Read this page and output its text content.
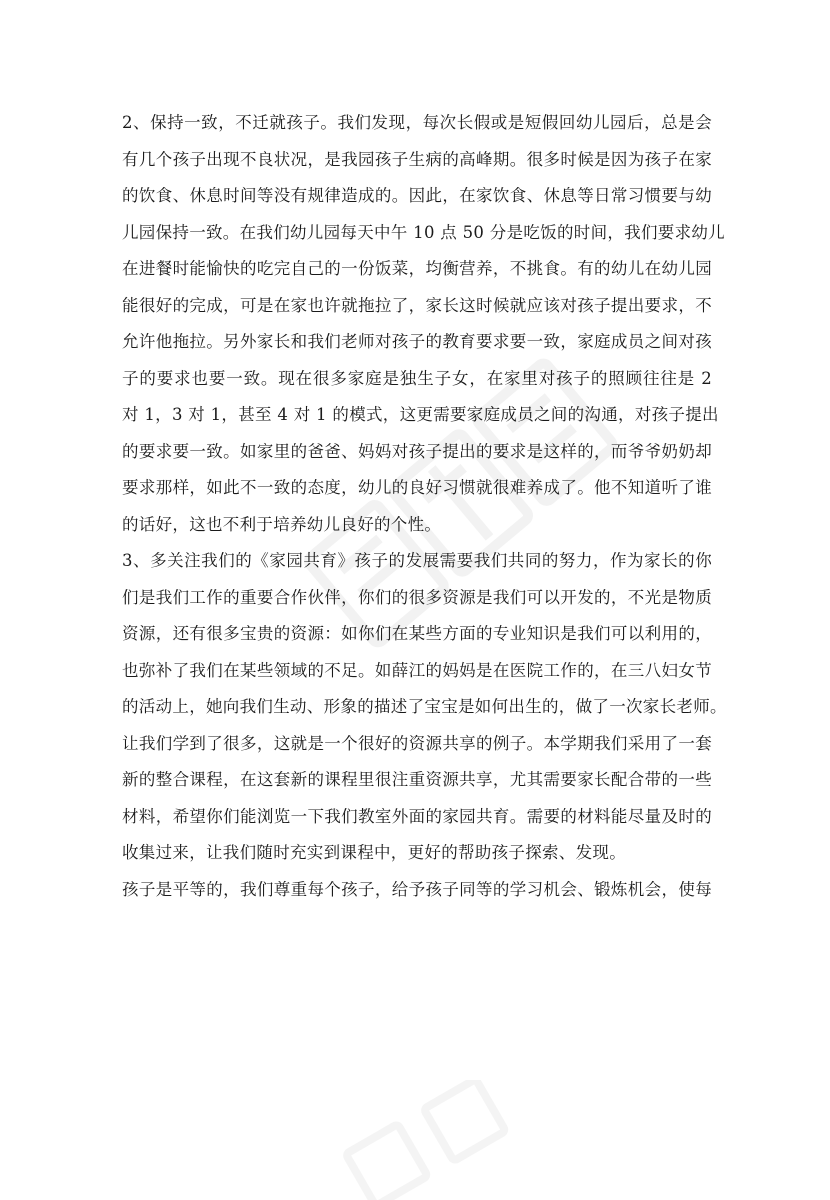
2、保持一致，不迁就孩子。我们发现，每次长假或是短假回幼儿园后，总是会
有几个孩子出现不良状况，是我园孩子生病的高峰期。很多时候是因为孩子在家
的饮食、休息时间等没有规律造成的。因此，在家饮食、休息等日常习惯要与幼
儿园保持一致。在我们幼儿园每天中午 10 点 50 分是吃饭的时间，我们要求幼儿
在进餐时能愉快的吃完自己的一份饭菜，均衡营养，不挑食。有的幼儿在幼儿园
能很好的完成，可是在家也许就拖拉了，家长这时候就应该对孩子提出要求，不
允许他拖拉。另外家长和我们老师对孩子的教育要求要一致，家庭成员之间对孩
子的要求也要一致。现在很多家庭是独生子女，在家里对孩子的照顾往往是 2
对 1，3 对 1，甚至 4 对 1 的模式，这更需要家庭成员之间的沟通，对孩子提出
的要求要一致。如家里的爸爸、妈妈对孩子提出的要求是这样的，而爷爷奶奶却
要求那样，如此不一致的态度，幼儿的良好习惯就很难养成了。他不知道听了谁
的话好，这也不利于培养幼儿良好的个性。
3、多关注我们的《家园共育》孩子的发展需要我们共同的努力，作为家长的你
们是我们工作的重要合作伙伴，你们的很多资源是我们可以开发的，不光是物质
资源，还有很多宝贵的资源：如你们在某些方面的专业知识是我们可以利用的，
也弥补了我们在某些领域的不足。如薛江的妈妈是在医院工作的，在三八妇女节
的活动上，她向我们生动、形象的描述了宝宝是如何出生的，做了一次家长老师。
让我们学到了很多，这就是一个很好的资源共享的例子。本学期我们采用了一套
新的整合课程，在这套新的课程里很注重资源共享，尤其需要家长配合带的一些
材料，希望你们能浏览一下我们教室外面的家园共育。需要的材料能尽量及时的
收集过来，让我们随时充实到课程中，更好的帮助孩子探索、发现。
孩子是平等的，我们尊重每个孩子，给予孩子同等的学习机会、锻炼机会，使每
